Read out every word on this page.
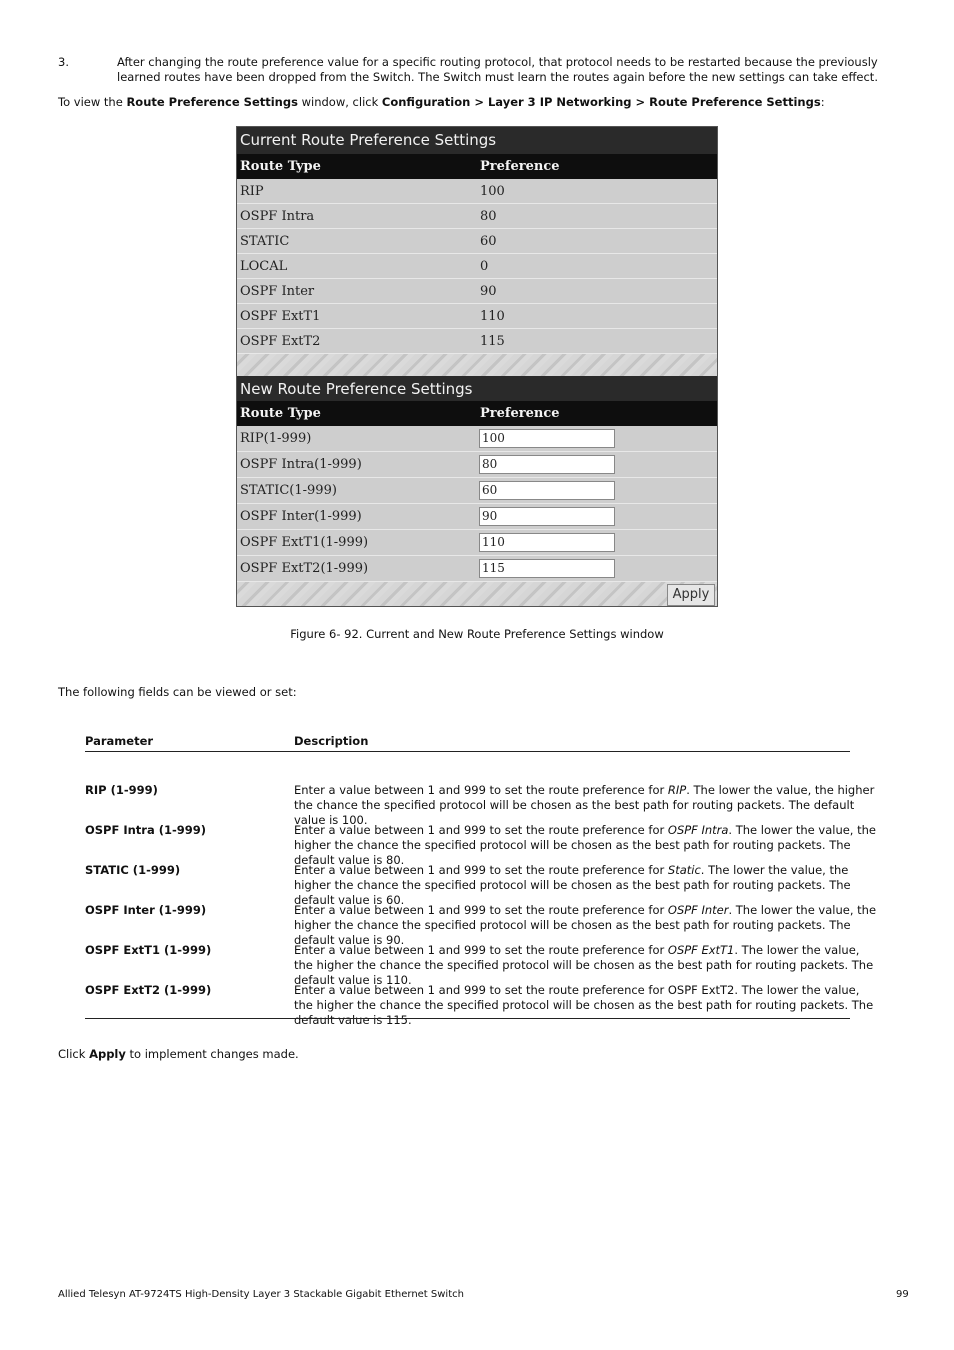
3.	After changing the route preference value for a specific routing protocol, that protocol needs to be restarted because the previously learned routes have been dropped from the Switch. The Switch must learn the routes again before the new settings can take effect.
To view the Route Preference Settings window, click Configuration > Layer 3 IP Networking > Route Preference Settings:
Current Route Preference Settings
Route Type	Preference
RIP	100
OSPF Intra	80
STATIC	60
LOCAL	0
OSPF Inter	90
OSPF ExtT1	110
OSPF ExtT2	115
New Route Preference Settings
Route Type	Preference
RIP(1-999)	100
OSPF Intra(1-999)	80
STATIC(1-999)	60
OSPF Inter(1-999)	90
OSPF ExtT1(1-999)	110
OSPF ExtT2(1-999)	115
Apply
Figure 6- 92. Current and New Route Preference Settings window
The following fields can be viewed or set:
Parameter	Description
RIP (1-999)	Enter a value between 1 and 999 to set the route preference for RIP. The lower the value, the higher the chance the specified protocol will be chosen as the best path for routing packets. The default value is 100.
OSPF Intra (1-999)	Enter a value between 1 and 999 to set the route preference for OSPF Intra. The lower the value, the higher the chance the specified protocol will be chosen as the best path for routing packets. The default value is 80.
STATIC (1-999)	Enter a value between 1 and 999 to set the route preference for Static. The lower the value, the higher the chance the specified protocol will be chosen as the best path for routing packets. The default value is 60.
OSPF Inter (1-999)	Enter a value between 1 and 999 to set the route preference for OSPF Inter. The lower the value, the higher the chance the specified protocol will be chosen as the best path for routing packets. The default value is 90.
OSPF ExtT1 (1-999)	Enter a value between 1 and 999 to set the route preference for OSPF ExtT1. The lower the value, the higher the chance the specified protocol will be chosen as the best path for routing packets. The default value is 110.
OSPF ExtT2 (1-999)	Enter a value between 1 and 999 to set the route preference for OSPF ExtT2. The lower the value, the higher the chance the specified protocol will be chosen as the best path for routing packets. The default value is 115.
Click Apply to implement changes made.
Allied Telesyn AT-9724TS High-Density Layer 3 Stackable Gigabit Ethernet Switch	99
